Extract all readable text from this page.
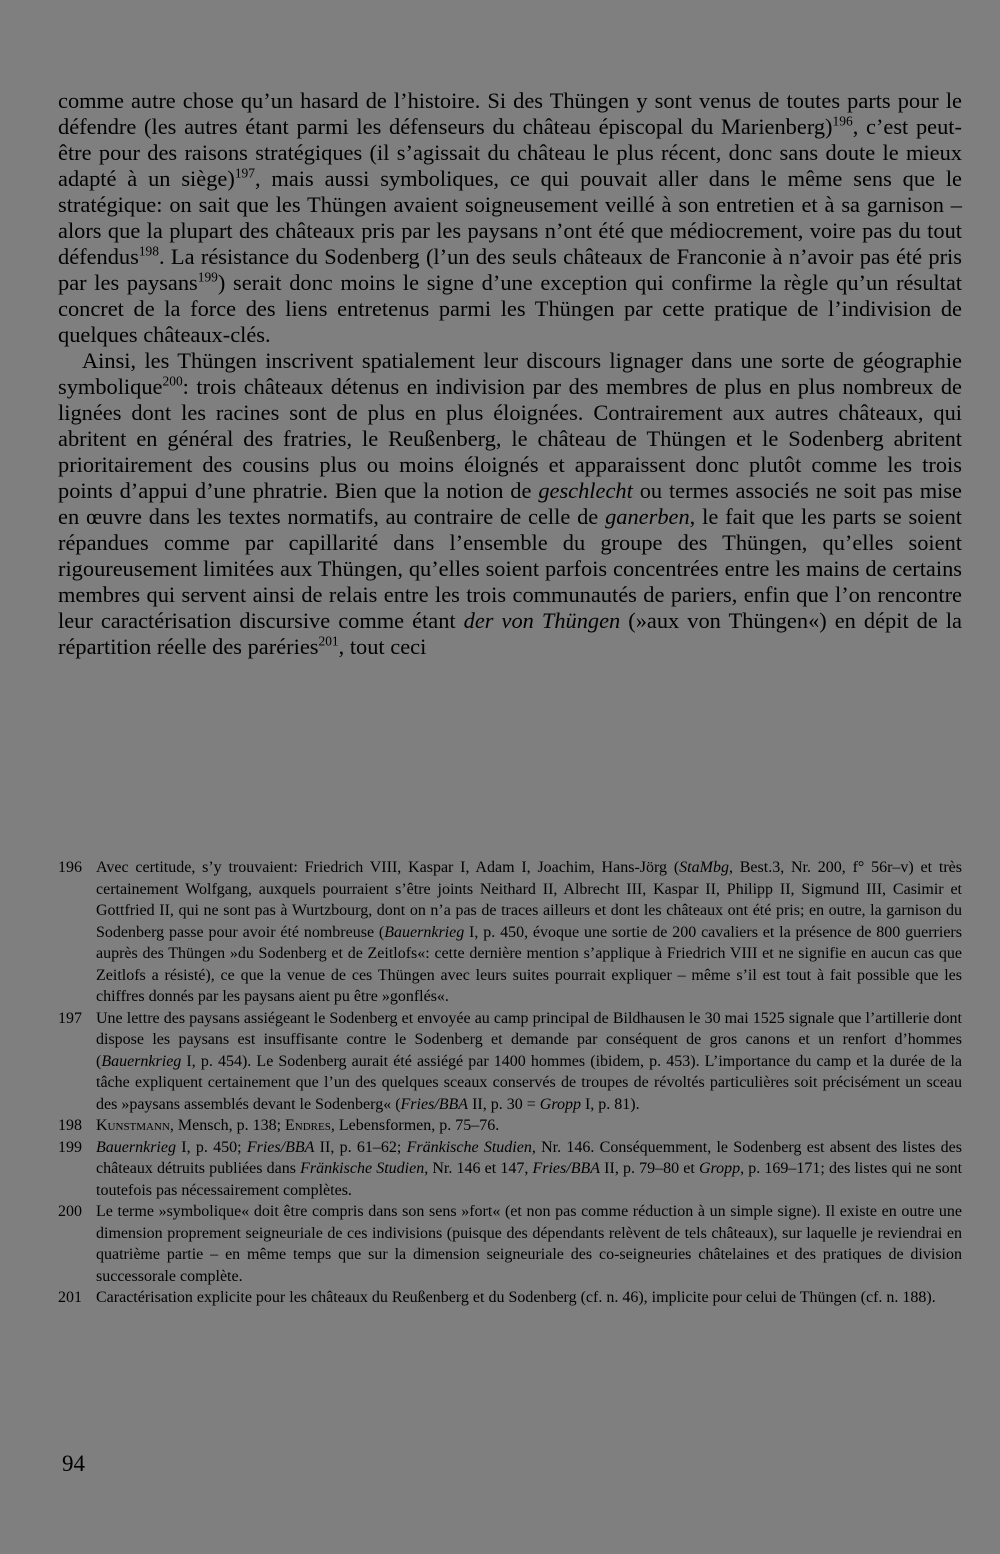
comme autre chose qu’un hasard de l’histoire. Si des Thüngen y sont venus de toutes parts pour le défendre (les autres étant parmi les défenseurs du château épiscopal du Marienberg)$^{196}$, c’est peut-être pour des raisons stratégiques (il s’agissait du château le plus récent, donc sans doute le mieux adapté à un siège)$^{197}$, mais aussi symboliques, ce qui pouvait aller dans le même sens que le stratégique: on sait que les Thüngen avaient soigneusement veillé à son entretien et à sa garnison – alors que la plupart des châteaux pris par les paysans n’ont été que médiocrement, voire pas du tout défendus$^{198}$. La résistance du Sodenberg (l’un des seuls châteaux de Franconie à n’avoir pas été pris par les paysans$^{199}$) serait donc moins le signe d’une exception qui confirme la règle qu’un résultat concret de la force des liens entretenus parmi les Thüngen par cette pratique de l’indivision de quelques châteaux-clés.

Ainsi, les Thüngen inscrivent spatialement leur discours lignager dans une sorte de géographie symbolique$^{200}$: trois châteaux détenus en indivision par des membres de plus en plus nombreux de lignées dont les racines sont de plus en plus éloignées. Contrairement aux autres châteaux, qui abritent en général des fratries, le Reußenberg, le château de Thüngen et le Sodenberg abritent prioritairement des cousins plus ou moins éloignés et apparaissent donc plutôt comme les trois points d’appui d’une phratrie. Bien que la notion de geschlecht ou termes associés ne soit pas mise en œuvre dans les textes normatifs, au contraire de celle de ganerben, le fait que les parts se soient répandues comme par capillarité dans l’ensemble du groupe des Thüngen, qu’elles soient rigoureusement limitées aux Thüngen, qu’elles soient parfois concentrées entre les mains de certains membres qui servent ainsi de relais entre les trois communautés de pariers, enfin que l’on rencontre leur caractérisation discursive comme étant der von Thüngen (»aux von Thüngen«) en dépit de la répartition réelle des paréries$^{201}$, tout ceci

196 Avec certitude, s’y trouvaient: Friedrich VIII, Kaspar I, Adam I, Joachim, Hans-Jörg (StaMbg, Best.3, Nr. 200, f° 56r–v) et très certainement Wolfgang, auxquels pourraient s’être joints Neithard II, Albrecht III, Kaspar II, Philipp II, Sigmund III, Casimir et Gottfried II, qui ne sont pas à Wurtzbourg, dont on n’a pas de traces ailleurs et dont les châteaux ont été pris; en outre, la garnison du Sodenberg passe pour avoir été nombreuse (Bauernkrieg I, p. 450, évoque une sortie de 200 cavaliers et la présence de 800 guerriers auprès des Thüngen »du Sodenberg et de Zeitlofs«: cette dernière mention s’applique à Friedrich VIII et ne signifie en aucun cas que Zeitlofs a résisté), ce que la venue de ces Thüngen avec leurs suites pourrait expliquer – même s’il est tout à fait possible que les chiffres donnés par les paysans aient pu être »gonflés«.
197 Une lettre des paysans assiégeant le Sodenberg et envoyée au camp principal de Bildhausen le 30 mai 1525 signale que l’artillerie dont dispose les paysans est insuffisante contre le Sodenberg et demande par conséquent de gros canons et un renfort d’hommes (Bauernkrieg I, p. 454). Le Sodenberg aurait été assiégé par 1400 hommes (ibidem, p. 453). L’importance du camp et la durée de la tâche expliquent certainement que l’un des quelques sceaux conservés de troupes de révoltés particulières soit précisément un sceau des »paysans assemblés devant le Sodenberg« (Fries/BBA II, p. 30 = Gropp I, p. 81).
198 Kunstmann, Mensch, p. 138; Endres, Lebensformen, p. 75–76.
199 Bauernkrieg I, p. 450; Fries/BBA II, p. 61–62; Fränkische Studien, Nr. 146. Conséquemment, le Sodenberg est absent des listes des châteaux détruits publiées dans Fränkische Studien, Nr. 146 et 147, Fries/BBA II, p. 79–80 et Gropp, p. 169–171; des listes qui ne sont toutefois pas nécessairement complètes.
200 Le terme »symbolique« doit être compris dans son sens »fort« (et non pas comme réduction à un simple signe). Il existe en outre une dimension proprement seigneuriale de ces indivisions (puisque des dépendants relèvent de tels châteaux), sur laquelle je reviendrai en quatrième partie – en même temps que sur la dimension seigneuriale des co-seigneuries châtelaines et des pratiques de division successorale complète.
201 Caractérisation explicite pour les châteaux du Reußenberg et du Sodenberg (cf. n. 46), implicite pour celui de Thüngen (cf. n. 188).
94
